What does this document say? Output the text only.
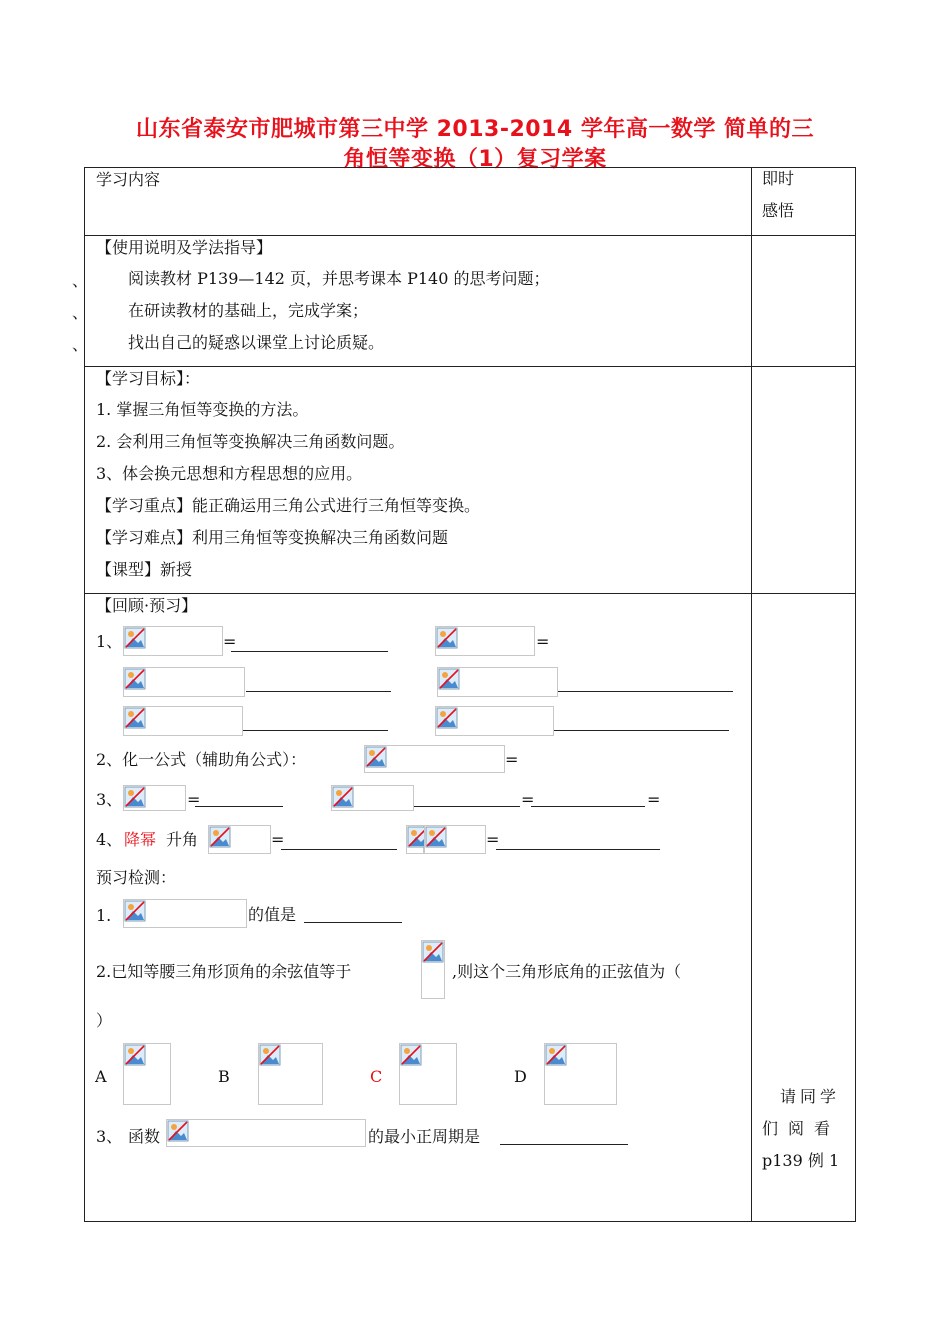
山东省泰安市肥城市第三中学 2013-2014 学年高一数学 简单的三
角恒等变换（1）复习学案
学习内容	即时
感悟
【使用说明及学法指导】
、 阅读教材 P139—142 页，并思考课本 P140 的思考问题；
、 在研读教材的基础上，完成学案；
、 找出自己的疑惑以课堂上讨论质疑。
【学习目标】：
1. 掌握三角恒等变换的方法。
2. 会利用三角恒等变换解决三角函数问题。
3、体会换元思想和方程思想的应用。
【学习重点】能正确运用三角公式进行三角恒等变换。
【学习难点】利用三角恒等变换解决三角函数问题
【课型】新授
【回顾·预习】
1、	=	=
2、化一公式（辅助角公式）：	=
3、	=	=	=
4、 降幂 升角	=	=
预习检测：
1.	的值是
2.已知等腰三角形顶角的余弦值等于	,则这个三角形底角的正弦值为（
）
A	B	C	D
3、 函数	的最小正周期是
请同学
们阅看
p139 例 1
